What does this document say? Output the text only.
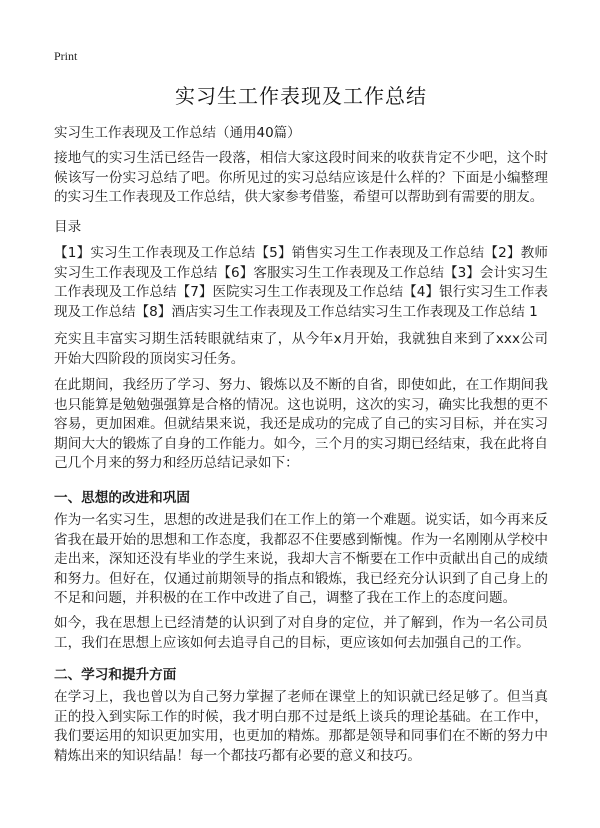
Print
实习生工作表现及工作总结
实习生工作表现及工作总结（通用40篇）
接地气的实习生活已经告一段落，相信大家这段时间来的收获肯定不少吧，这个时候该写一份实习总结了吧。你所见过的实习总结应该是什么样的？下面是小编整理的实习生工作表现及工作总结，供大家参考借鉴，希望可以帮助到有需要的朋友。
目录
【1】实习生工作表现及工作总结【5】销售实习生工作表现及工作总结【2】教师实习生工作表现及工作总结【6】客服实习生工作表现及工作总结【3】会计实习生工作表现及工作总结【7】医院实习生工作表现及工作总结【4】银行实习生工作表现及工作总结【8】酒店实习生工作表现及工作总结实习生工作表现及工作总结 1
充实且丰富实习期生活转眼就结束了，从今年x月开始，我就独自来到了xxx公司开始大四阶段的顶岗实习任务。
在此期间，我经历了学习、努力、锻炼以及不断的自省，即使如此，在工作期间我也只能算是勉勉强强算是合格的情况。这也说明，这次的实习，确实比我想的更不容易，更加困难。但就结果来说，我还是成功的完成了自己的实习目标，并在实习期间大大的锻炼了自身的工作能力。如今，三个月的实习期已经结束，我在此将自己几个月来的努力和经历总结记录如下：
一、思想的改进和巩固
作为一名实习生，思想的改进是我们在工作上的第一个难题。说实话，如今再来反省我在最开始的思想和工作态度，我都忍不住要感到惭愧。作为一名刚刚从学校中走出来，深知还没有毕业的学生来说，我却大言不惭要在工作中贡献出自己的成绩和努力。但好在，仅通过前期领导的指点和锻炼，我已经充分认识到了自己身上的不足和问题，并积极的在工作中改进了自己，调整了我在工作上的态度问题。
如今，我在思想上已经清楚的认识到了对自身的定位，并了解到，作为一名公司员工，我们在思想上应该如何去追寻自己的目标，更应该如何去加强自己的工作。
二、学习和提升方面
在学习上，我也曾以为自己努力掌握了老师在课堂上的知识就已经足够了。但当真正的投入到实际工作的时候，我才明白那不过是纸上谈兵的理论基础。在工作中，我们要运用的知识更加实用，也更加的精炼。那都是领导和同事们在不断的努力中精炼出来的知识结晶！每一个都技巧都有必要的意义和技巧。
